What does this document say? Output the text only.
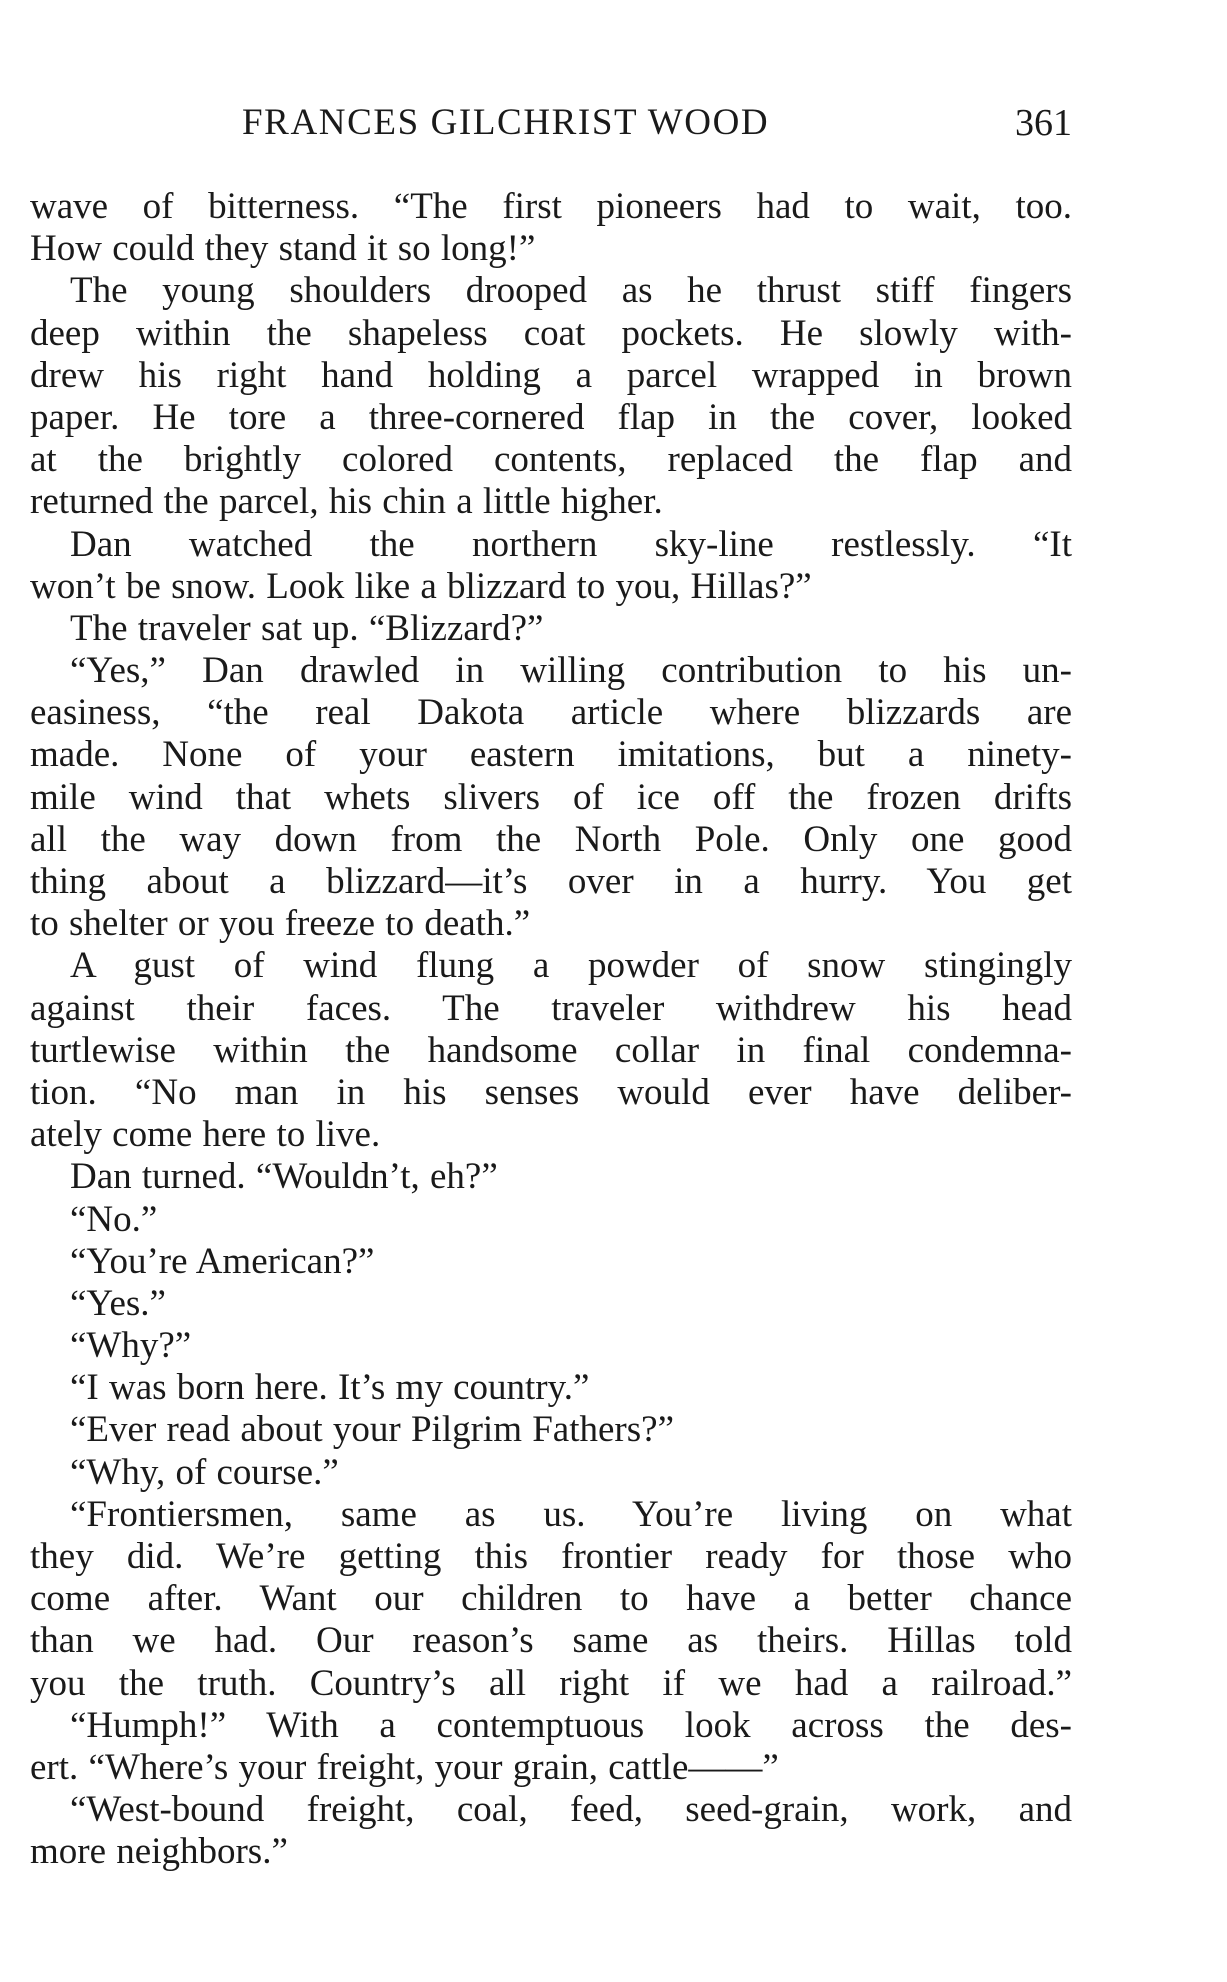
FRANCES GILCHRIST WOOD	361
wave of bitterness. “The first pioneers had to wait, too.
How could they stand it so long!”
The young shoulders drooped as he thrust stiff fingers
deep within the shapeless coat pockets. He slowly with-
drew his right hand holding a parcel wrapped in brown
paper. He tore a three-cornered flap in the cover, looked
at the brightly colored contents, replaced the flap and
returned the parcel, his chin a little higher.
Dan watched the northern sky-line restlessly. “It
won’t be snow. Look like a blizzard to you, Hillas?”
The traveler sat up. “Blizzard?”
“Yes,” Dan drawled in willing contribution to his un-
easiness, “the real Dakota article where blizzards are
made. None of your eastern imitations, but a ninety-
mile wind that whets slivers of ice off the frozen drifts
all the way down from the North Pole. Only one good
thing about a blizzard—it’s over in a hurry. You get
to shelter or you freeze to death.”
A gust of wind flung a powder of snow stingingly
against their faces. The traveler withdrew his head
turtlewise within the handsome collar in final condemna-
tion. “No man in his senses would ever have deliber-
ately come here to live.
Dan turned. “Wouldn’t, eh?”
“No.”
“You’re American?”
“Yes.”
“Why?”
“I was born here. It’s my country.”
“Ever read about your Pilgrim Fathers?”
“Why, of course.”
“Frontiersmen, same as us. You’re living on what
they did. We’re getting this frontier ready for those who
come after. Want our children to have a better chance
than we had. Our reason’s same as theirs. Hillas told
you the truth. Country’s all right if we had a railroad.”
“Humph!” With a contemptuous look across the des-
ert. “Where’s your freight, your grain, cattle——”
“West-bound freight, coal, feed, seed-grain, work, and
more neighbors.”
